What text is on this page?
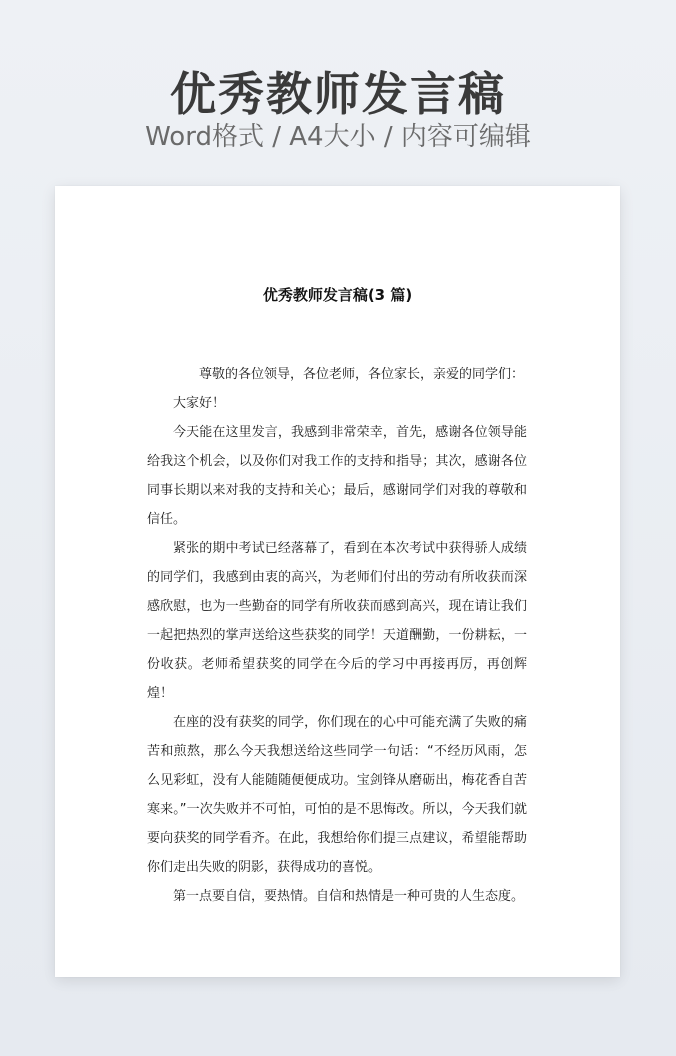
优秀教师发言稿
Word格式 / A4大小 / 内容可编辑
优秀教师发言稿(3 篇)

尊敬的各位领导，各位老师，各位家长，亲爱的同学们：

大家好！

今天能在这里发言，我感到非常荣幸，首先，感谢各位领导能给我这个机会，以及你们对我工作的支持和指导；其次，感谢各位同事长期以来对我的支持和关心；最后，感谢同学们对我的尊敬和信任。

紧张的期中考试已经落幕了，看到在本次考试中获得骄人成绩的同学们，我感到由衷的高兴，为老师们付出的劳动有所收获而深感欣慰，也为一些勤奋的同学有所收获而感到高兴，现在请让我们一起把热烈的掌声送给这些获奖的同学！天道酬勤，一份耕耘，一份收获。老师希望获奖的同学在今后的学习中再接再厉，再创辉煌！

在座的没有获奖的同学，你们现在的心中可能充满了失败的痛苦和煎熬，那么今天我想送给这些同学一句话：“不经历风雨，怎么见彩虹，没有人能随随便便成功。宝剑锋从磨砺出，梅花香自苦寒来。”一次失败并不可怕，可怕的是不思悔改。所以，今天我们就要向获奖的同学看齐。在此，我想给你们提三点建议，希望能帮助你们走出失败的阴影，获得成功的喜悦。

第一点要自信，要热情。自信和热情是一种可贵的人生态度。
